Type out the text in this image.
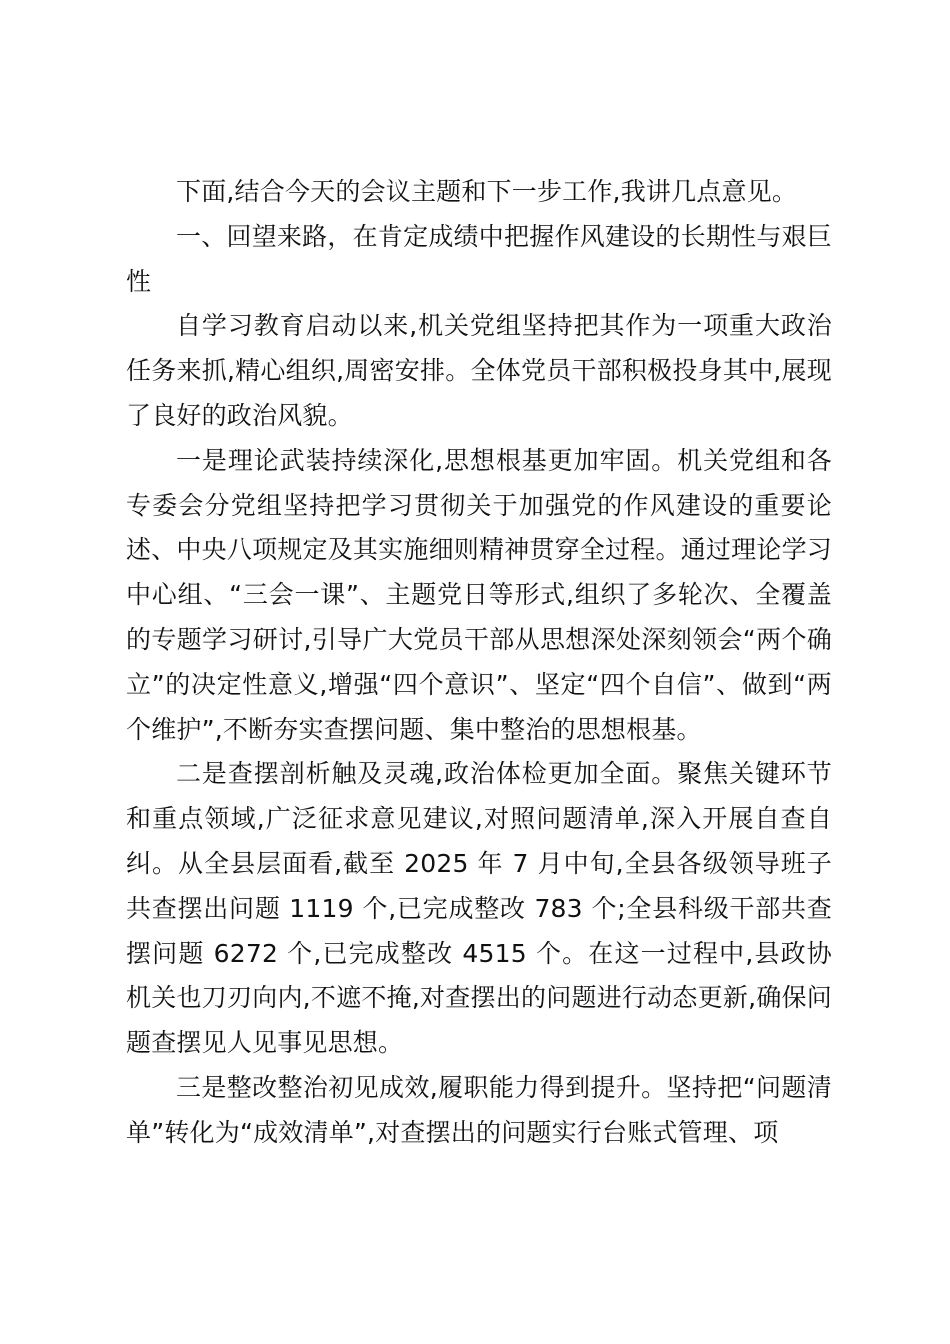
下面,结合今天的会议主题和下一步工作,我讲几点意见。

一、回望来路，在肯定成绩中把握作风建设的长期性与艰巨性

自学习教育启动以来,机关党组坚持把其作为一项重大政治任务来抓,精心组织,周密安排。全体党员干部积极投身其中,展现了良好的政治风貌。

一是理论武装持续深化,思想根基更加牢固。机关党组和各专委会分党组坚持把学习贯彻关于加强党的作风建设的重要论述、中央八项规定及其实施细则精神贯穿全过程。通过理论学习中心组、“三会一课”、主题党日等形式,组织了多轮次、全覆盖的专题学习研讨,引导广大党员干部从思想深处深刻领会“两个确立”的决定性意义,增强“四个意识”、坚定“四个自信”、做到“两个维护”,不断夯实查摆问题、集中整治的思想根基。

二是查摆剖析触及灵魂,政治体检更加全面。聚焦关键环节和重点领域,广泛征求意见建议,对照问题清单,深入开展自查自纠。从全县层面看,截至 2025 年 7 月中旬,全县各级领导班子共查摆出问题 1119 个,已完成整改 783 个;全县科级干部共查摆问题 6272 个,已完成整改 4515 个。在这一过程中,县政协机关也刀刃向内,不遮不掩,对查摆出的问题进行动态更新,确保问题查摆见人见事见思想。

三是整改整治初见成效,履职能力得到提升。坚持把“问题清单”转化为“成效清单”,对查摆出的问题实行台账式管理、项
